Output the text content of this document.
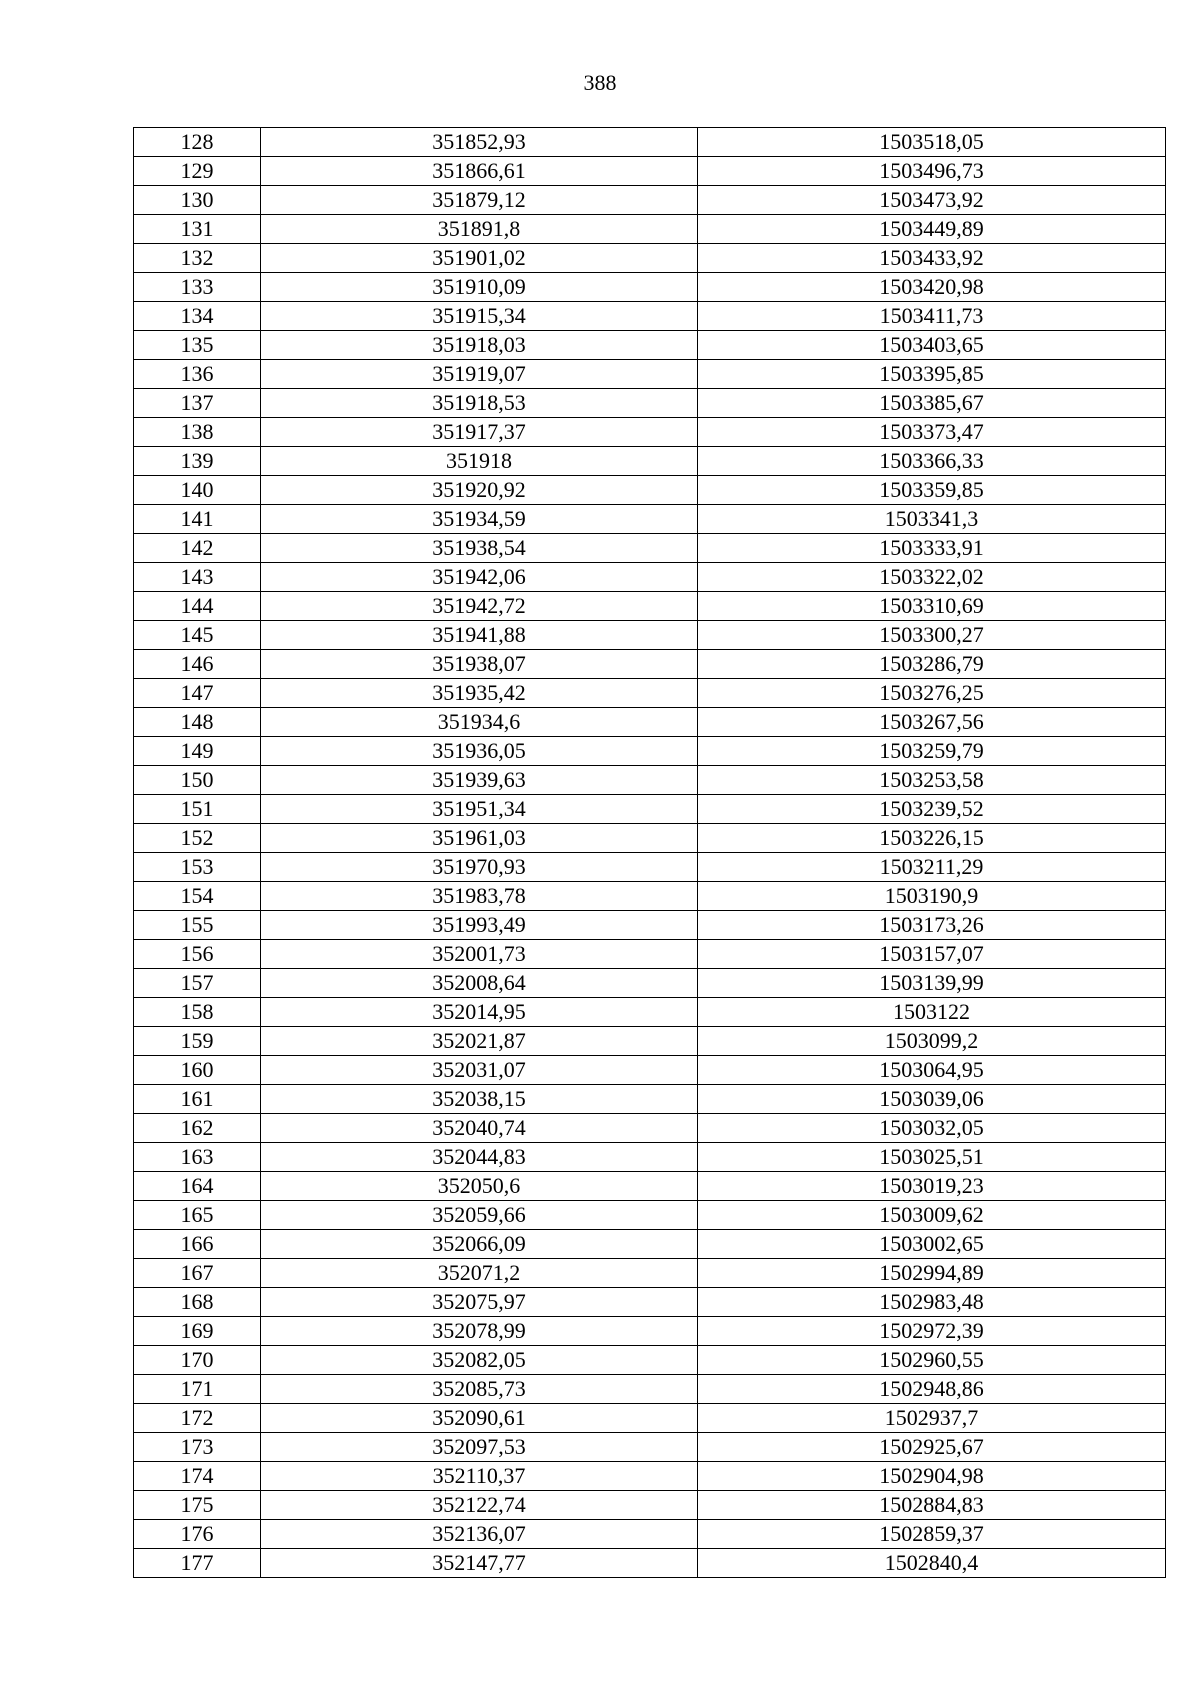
388
128	351852,93	1503518,05
129	351866,61	1503496,73
130	351879,12	1503473,92
131	351891,8	1503449,89
132	351901,02	1503433,92
133	351910,09	1503420,98
134	351915,34	1503411,73
135	351918,03	1503403,65
136	351919,07	1503395,85
137	351918,53	1503385,67
138	351917,37	1503373,47
139	351918	1503366,33
140	351920,92	1503359,85
141	351934,59	1503341,3
142	351938,54	1503333,91
143	351942,06	1503322,02
144	351942,72	1503310,69
145	351941,88	1503300,27
146	351938,07	1503286,79
147	351935,42	1503276,25
148	351934,6	1503267,56
149	351936,05	1503259,79
150	351939,63	1503253,58
151	351951,34	1503239,52
152	351961,03	1503226,15
153	351970,93	1503211,29
154	351983,78	1503190,9
155	351993,49	1503173,26
156	352001,73	1503157,07
157	352008,64	1503139,99
158	352014,95	1503122
159	352021,87	1503099,2
160	352031,07	1503064,95
161	352038,15	1503039,06
162	352040,74	1503032,05
163	352044,83	1503025,51
164	352050,6	1503019,23
165	352059,66	1503009,62
166	352066,09	1503002,65
167	352071,2	1502994,89
168	352075,97	1502983,48
169	352078,99	1502972,39
170	352082,05	1502960,55
171	352085,73	1502948,86
172	352090,61	1502937,7
173	352097,53	1502925,67
174	352110,37	1502904,98
175	352122,74	1502884,83
176	352136,07	1502859,37
177	352147,77	1502840,4
